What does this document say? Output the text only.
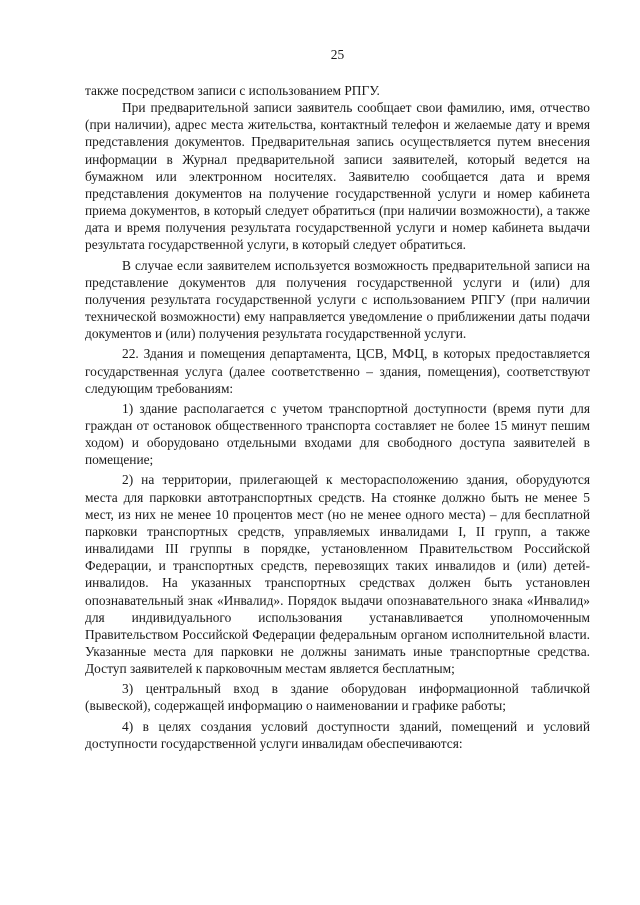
25

также посредством записи с использованием РПГУ.

При предварительной записи заявитель сообщает свои фамилию, имя, отчество (при наличии), адрес места жительства, контактный телефон и желаемые дату и время представления документов. Предварительная запись осуществляется путем внесения информации в Журнал предварительной записи заявителей, который ведется на бумажном или электронном носителях. Заявителю сообщается дата и время представления документов на получение государственной услуги и номер кабинета приема документов, в который следует обратиться (при наличии возможности), а также дата и время получения результата государственной услуги и номер кабинета выдачи результата государственной услуги, в который следует обратиться.

В случае если заявителем используется возможность предварительной записи на представление документов для получения государственной услуги и (или) для получения результата государственной услуги с использованием РПГУ (при наличии технической возможности) ему направляется уведомление о приближении даты подачи документов и (или) получения результата государственной услуги.

22. Здания и помещения департамента, ЦСВ, МФЦ, в которых предоставляется государственная услуга (далее соответственно – здания, помещения), соответствуют следующим требованиям:

1) здание располагается с учетом транспортной доступности (время пути для граждан от остановок общественного транспорта составляет не более 15 минут пешим ходом) и оборудовано отдельными входами для свободного доступа заявителей в помещение;

2) на территории, прилегающей к месторасположению здания, оборудуются места для парковки автотранспортных средств. На стоянке должно быть не менее 5 мест, из них не менее 10 процентов мест (но не менее одного места) – для бесплатной парковки транспортных средств, управляемых инвалидами I, II групп, а также инвалидами III группы в порядке, установленном Правительством Российской Федерации, и транспортных средств, перевозящих таких инвалидов и (или) детей-инвалидов. На указанных транспортных средствах должен быть установлен опознавательный знак «Инвалид». Порядок выдачи опознавательного знака «Инвалид» для индивидуального использования устанавливается уполномоченным Правительством Российской Федерации федеральным органом исполнительной власти. Указанные места для парковки не должны занимать иные транспортные средства. Доступ заявителей к парковочным местам является бесплатным;

3) центральный вход в здание оборудован информационной табличкой (вывеской), содержащей информацию о наименовании и графике работы;

4) в целях создания условий доступности зданий, помещений и условий доступности государственной услуги инвалидам обеспечиваются:
